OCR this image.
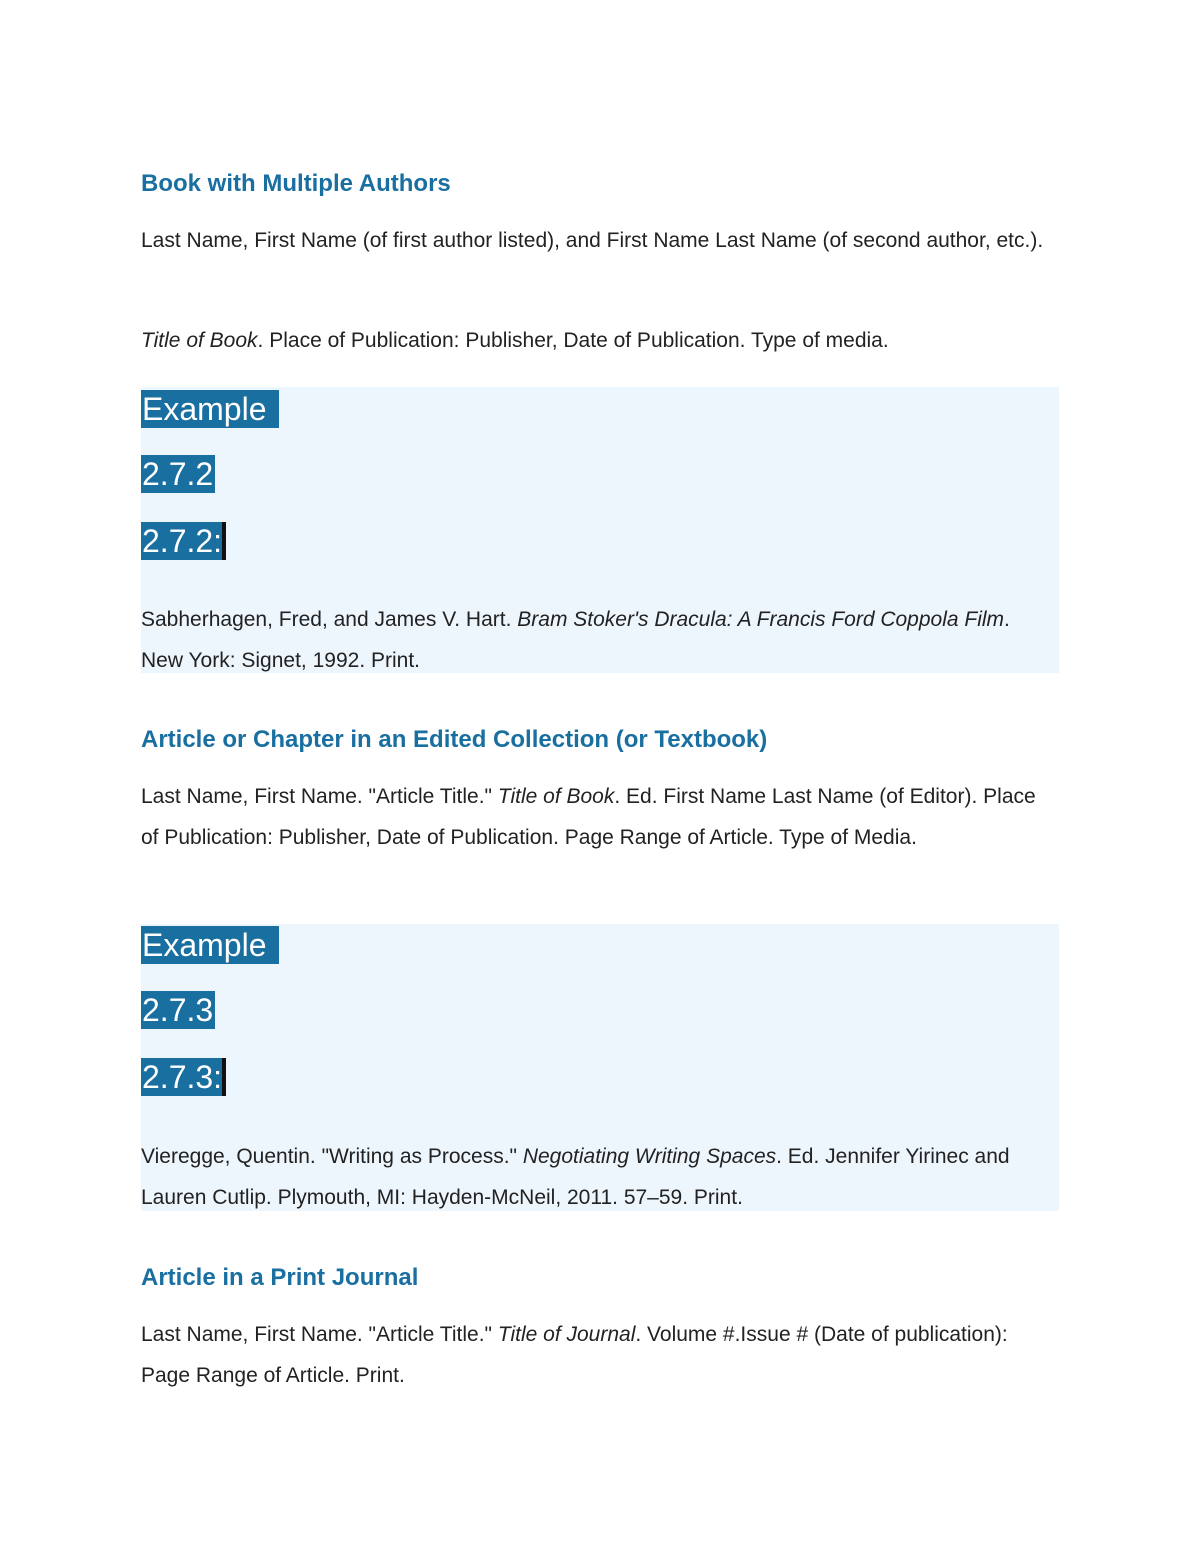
Book with Multiple Authors

Last Name, First Name (of first author listed), and First Name Last Name (of second author, etc.).

Title of Book. Place of Publication: Publisher, Date of Publication. Type of media.

Example
2.7.2
2.7.2:

Sabherhagen, Fred, and James V. Hart. Bram Stoker's Dracula: A Francis Ford Coppola Film. New York: Signet, 1992. Print.

Article or Chapter in an Edited Collection (or Textbook)

Last Name, First Name. "Article Title." Title of Book. Ed. First Name Last Name (of Editor). Place of Publication: Publisher, Date of Publication. Page Range of Article. Type of Media.

Example
2.7.3
2.7.3:

Vieregge, Quentin. "Writing as Process." Negotiating Writing Spaces. Ed. Jennifer Yirinec and Lauren Cutlip. Plymouth, MI: Hayden-McNeil, 2011. 57–59. Print.

Article in a Print Journal

Last Name, First Name. "Article Title." Title of Journal. Volume #.Issue # (Date of publication): Page Range of Article. Print.
